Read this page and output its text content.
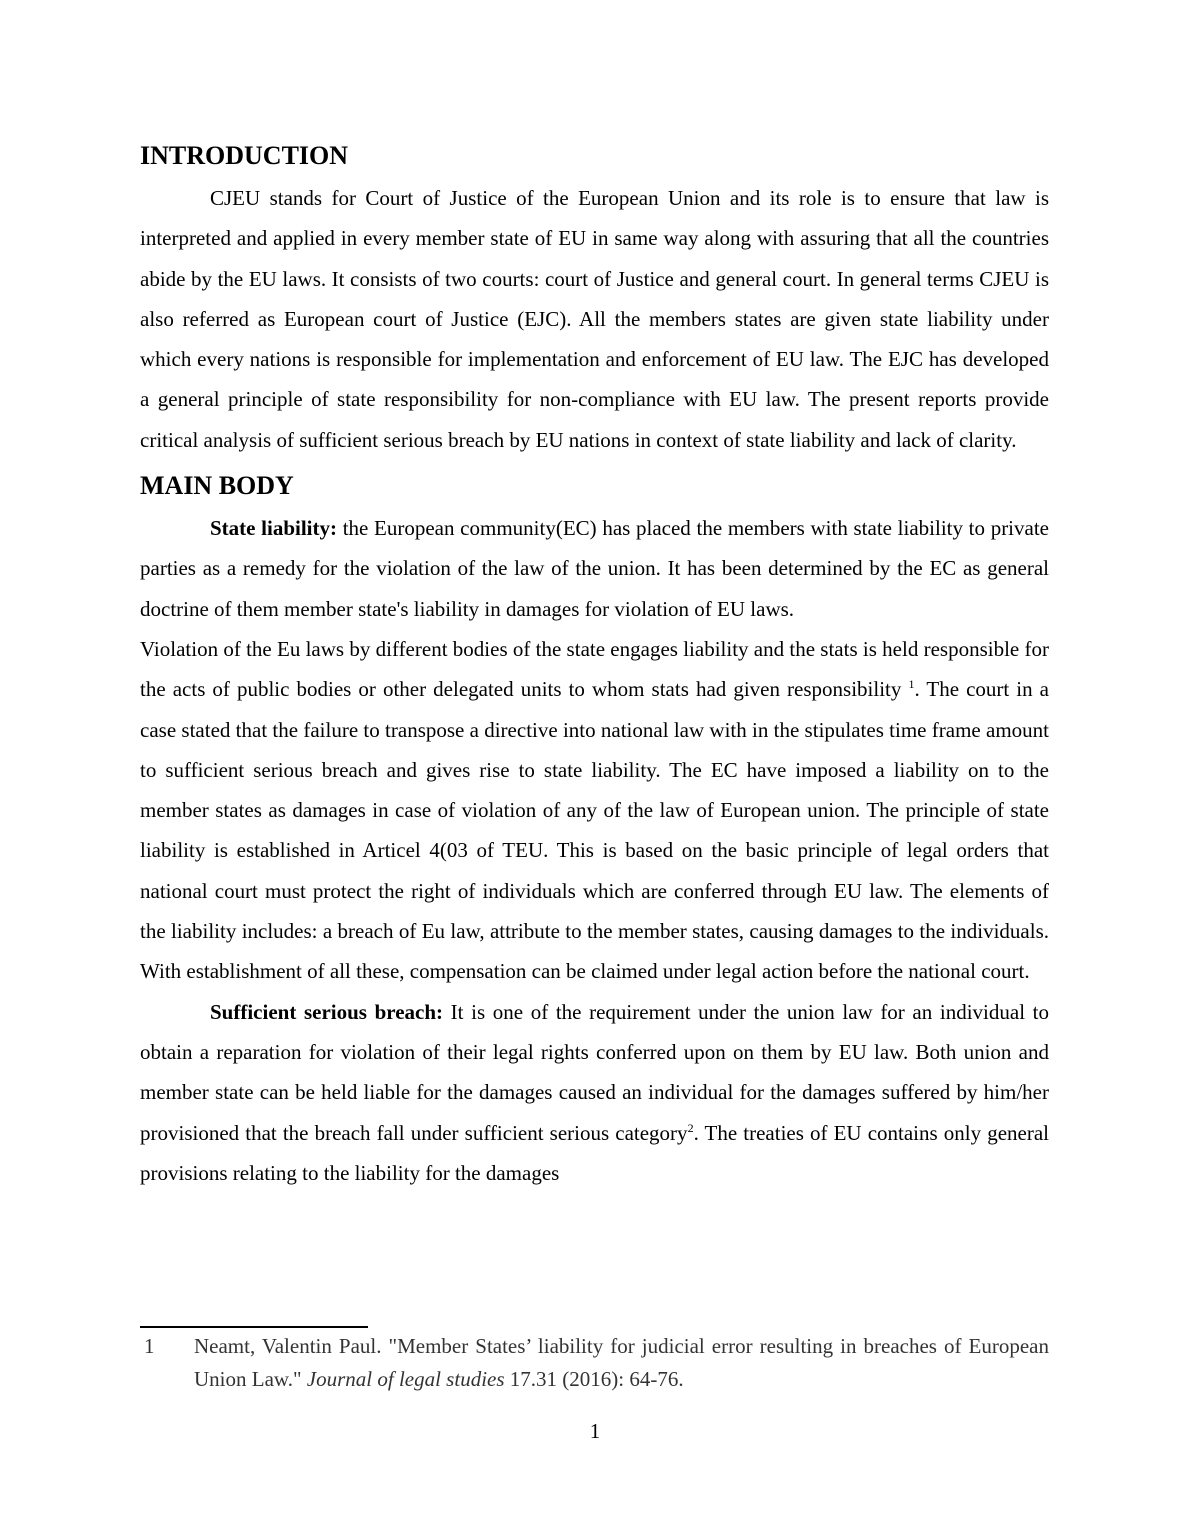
INTRODUCTION

CJEU stands for Court of Justice of the European Union and its role is to ensure that law is interpreted and applied in every member state of EU in same way along with assuring that all the countries abide by the EU laws. It consists of two courts: court of Justice and general court. In general terms CJEU is also referred as European court of Justice (EJC). All the members states are given state liability under which every nations is responsible for implementation and enforcement of EU law. The EJC has developed a general principle of state responsibility for non-compliance with EU law. The present reports provide critical analysis of sufficient serious breach by EU nations in context of state liability and lack of clarity.

MAIN BODY

State liability: the European community(EC) has placed the members with state liability to private parties as a remedy for the violation of the law of the union. It has been determined by the EC as general doctrine of them member state's liability in damages for violation of EU laws.

Violation of the Eu laws by different bodies of the state engages liability and the stats is held responsible for the acts of public bodies or other delegated units to whom stats had given responsibility $^1$. The court in a case stated that the failure to transpose a directive into national law with in the stipulates time frame amount to sufficient serious breach and gives rise to state liability. The EC have imposed a liability on to the member states as damages in case of violation of any of the law of European union. The principle of state liability is established in Articel 4(03 of TEU. This is based on the basic principle of legal orders that national court must protect the right of individuals which are conferred through EU law. The elements of the liability includes: a breach of Eu law, attribute to the member states, causing damages to the individuals. With establishment of all these, compensation can be claimed under legal action before the national court.

Sufficient serious breach: It is one of the requirement under the union law for an individual to obtain a reparation for violation of their legal rights conferred upon on them by EU law. Both union and member state can be held liable for the damages caused an individual for the damages suffered by him/her provisioned that the breach fall under sufficient serious category$^2$. The treaties of EU contains only general provisions relating to the liability for the damages

1 Neamt, Valentin Paul. "Member States’ liability for judicial error resulting in breaches of European Union Law." Journal of legal studies 17.31 (2016): 64-76.
1
